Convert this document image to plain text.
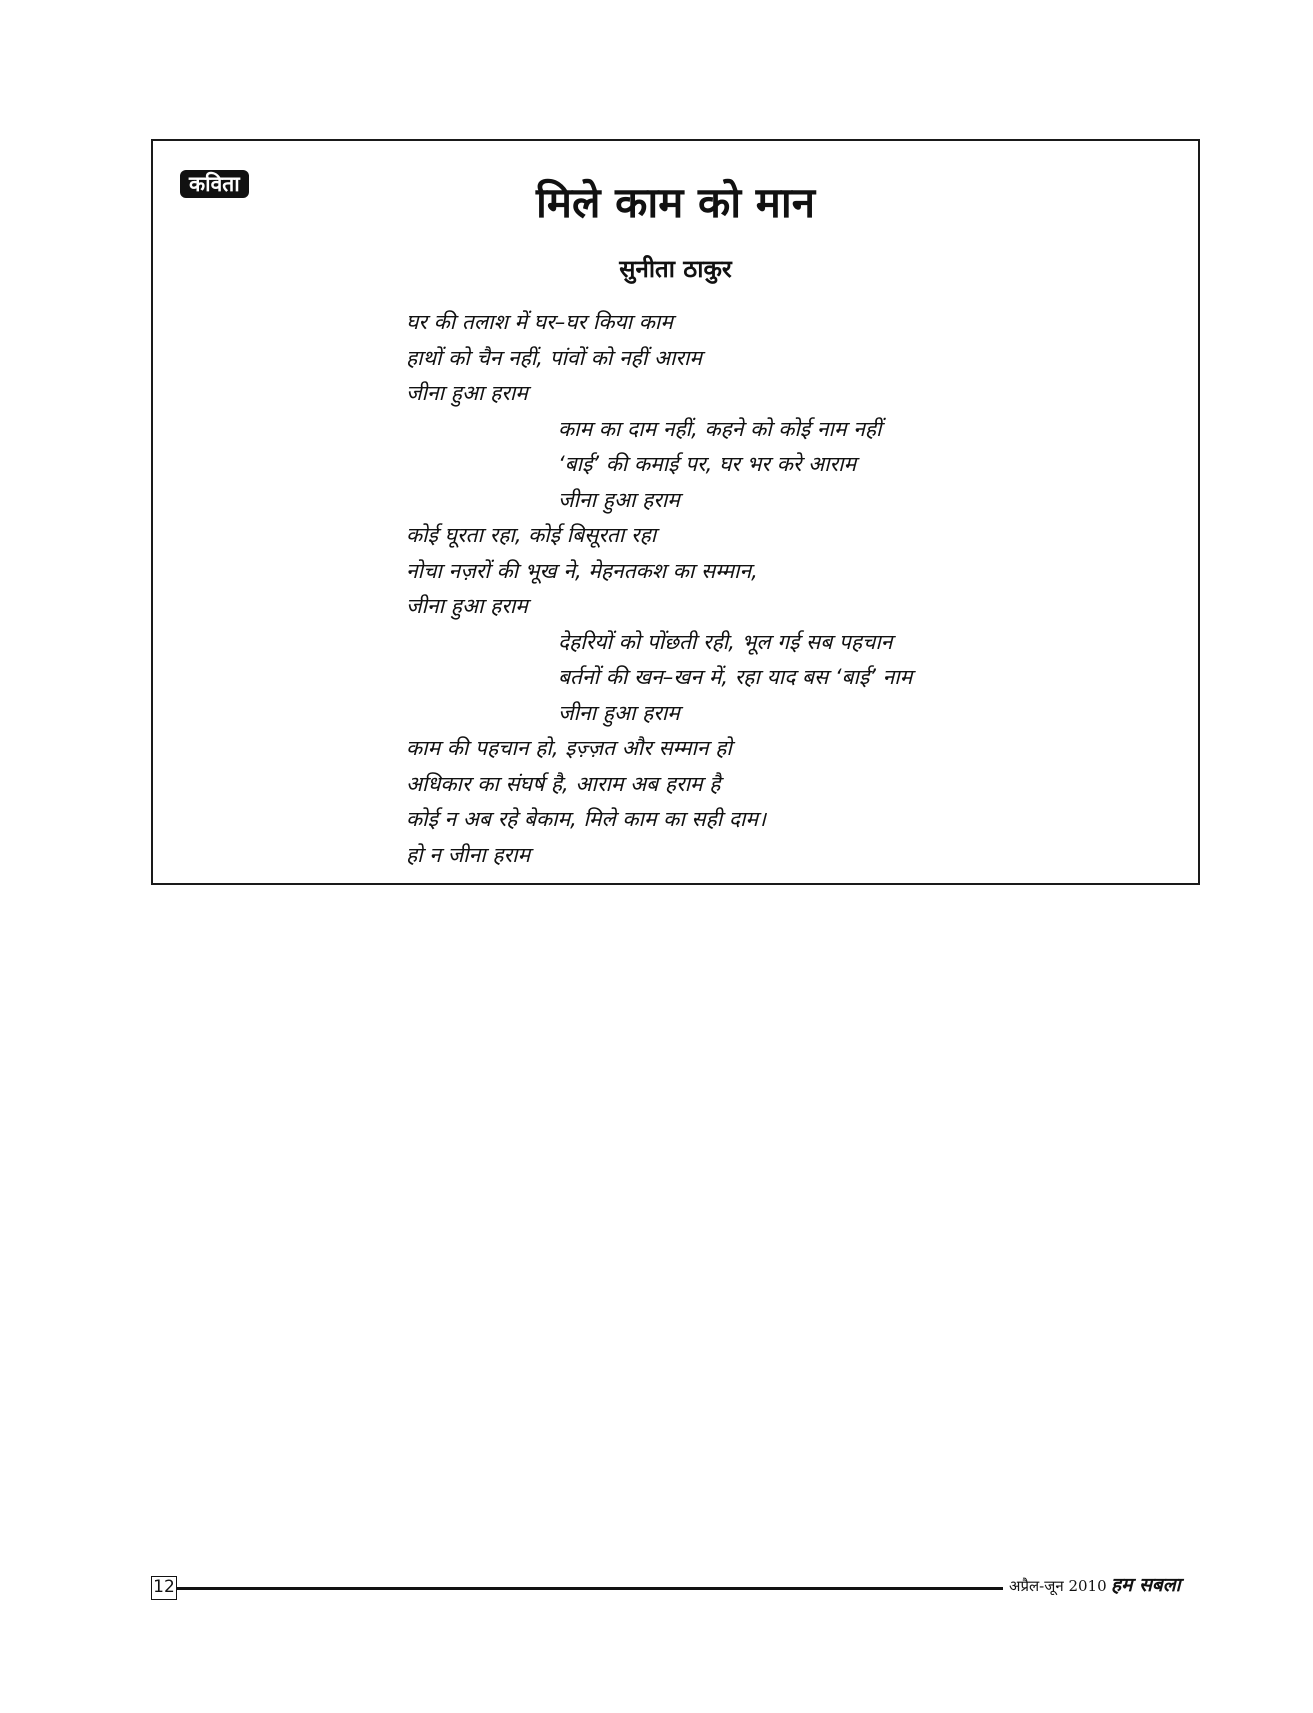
कविता	मिले काम को मान
सुनीता ठाकुर
घर की तलाश में घर–घर किया काम
हाथों को चैन नहीं, पांवों को नहीं आराम
जीना हुआ हराम
काम का दाम नहीं, कहने को कोई नाम नहीं
‘बाई’ की कमाई पर, घर भर करे आराम
जीना हुआ हराम
कोई घूरता रहा, कोई बिसूरता रहा
नोचा नज़रों की भूख ने, मेहनतकश का सम्मान,
जीना हुआ हराम
देहरियों को पोंछती रही, भूल गई सब पहचान
बर्तनों की खन–खन में, रहा याद बस ‘बाई’ नाम
जीना हुआ हराम
काम की पहचान हो, इज़्ज़त और सम्मान हो
अधिकार का संघर्ष है, आराम अब हराम है
कोई न अब रहे बेकाम, मिले काम का सही दाम।
हो न जीना हराम
12	अप्रैल-जून 2010 हम सबला
